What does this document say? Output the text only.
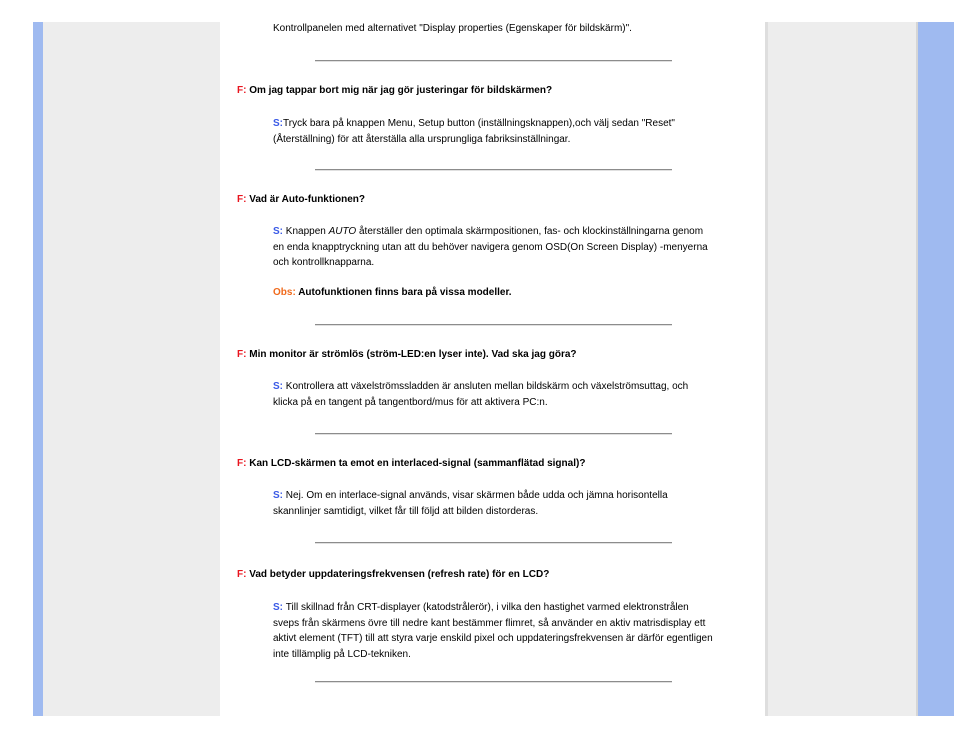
Kontrollpanelen med alternativet "Display properties (Egenskaper för bildskärm)".
F: Om jag tappar bort mig när jag gör justeringar för bildskärmen?
S:Tryck bara på knappen Menu, Setup button (inställningsknappen),och välj sedan "Reset" (Återställning) för att återställa alla ursprungliga fabriksinställningar.
F: Vad är Auto-funktionen?
S: Knappen AUTO återställer den optimala skärmpositionen, fas- och klockinställningarna genom en enda knapptryckning utan att du behöver navigera genom OSD(On Screen Display) -menyerna och kontrollknapparna.
Obs: Autofunktionen finns bara på vissa modeller.
F: Min monitor är strömlös (ström-LED:en lyser inte). Vad ska jag göra?
S: Kontrollera att växelströmssladden är ansluten mellan bildskärm och växelströmsuttag, och klicka på en tangent på tangentbord/mus för att aktivera PC:n.
F: Kan LCD-skärmen ta emot en interlaced-signal (sammanflätad signal)?
S: Nej. Om en interlace-signal används, visar skärmen både udda och jämna horisontella skannlinjer samtidigt, vilket får till följd att bilden distorderas.
F: Vad betyder uppdateringsfrekvensen (refresh rate) för en LCD?
S: Till skillnad från CRT-displayer (katodstrålerör), i vilka den hastighet varmed elektronstrålen sveps från skärmens övre till nedre kant bestämmer flimret, så använder en aktiv matrisdisplay ett aktivt element (TFT) till att styra varje enskild pixel och uppdateringsfrekvensen är därför egentligen inte tillämplig på LCD-tekniken.
